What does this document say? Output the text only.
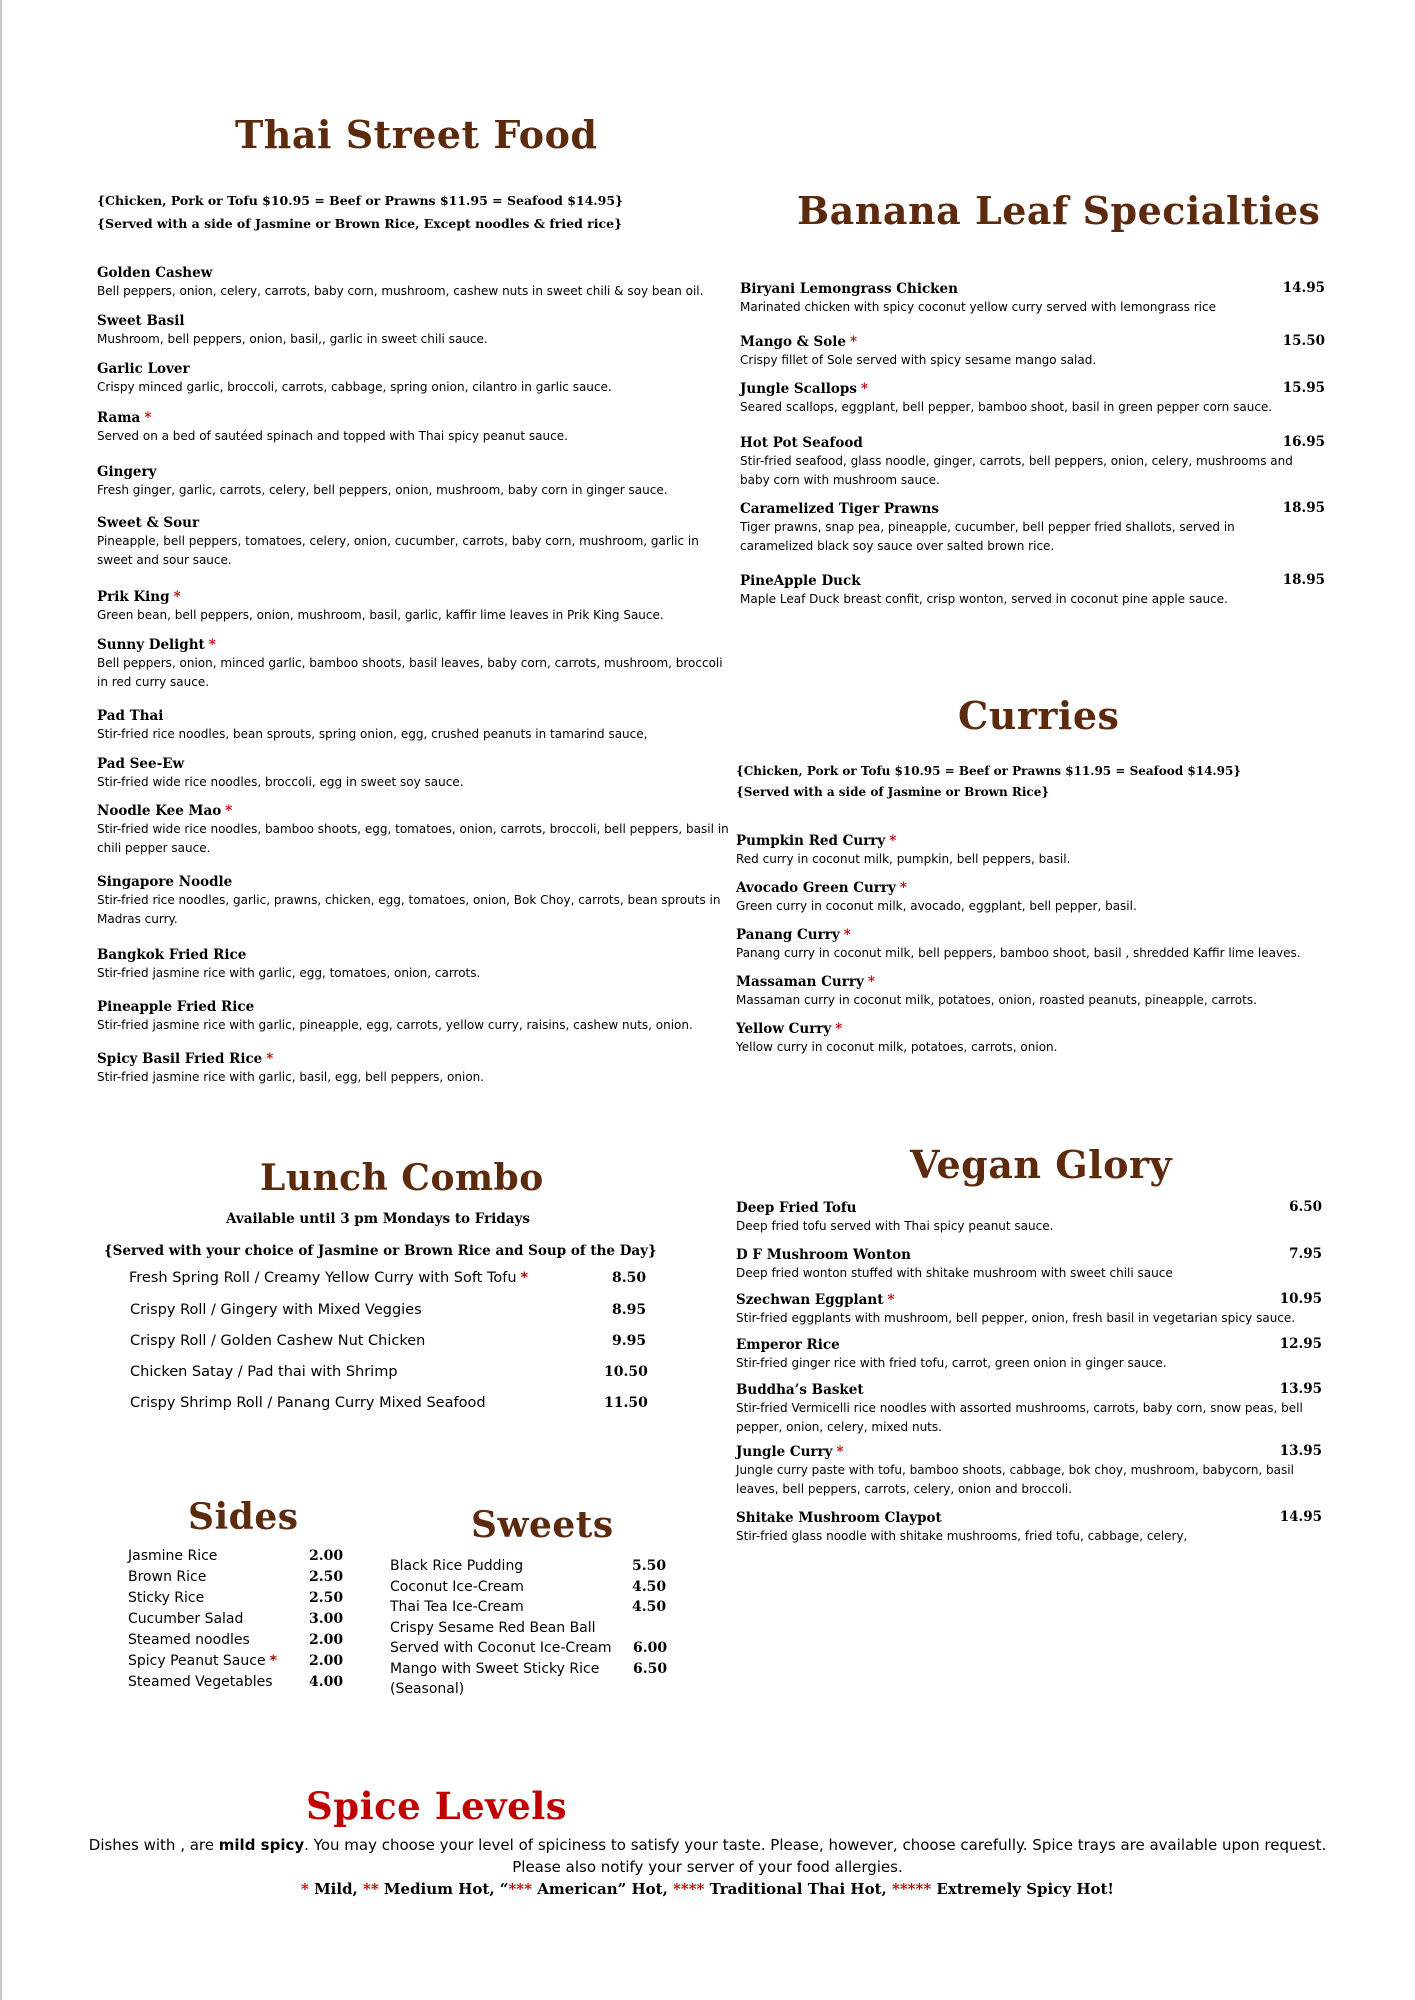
Thai Street Food
{Chicken, Pork or Tofu $10.95 = Beef or Prawns $11.95 = Seafood $14.95}
{Served with a side of Jasmine or Brown Rice, Except noodles & fried rice}
Golden Cashew
Bell peppers, onion, celery, carrots, baby corn, mushroom, cashew nuts in sweet chili & soy bean oil.
Sweet Basil
Mushroom, bell peppers, onion, basil,, garlic in sweet chili sauce.
Garlic Lover
Crispy minced garlic, broccoli, carrots, cabbage, spring onion, cilantro in garlic sauce.
Rama *
Served on a bed of sautéed spinach and topped with Thai spicy peanut sauce.
Gingery
Fresh ginger, garlic, carrots, celery, bell peppers, onion, mushroom, baby corn in ginger sauce.
Sweet & Sour
Pineapple, bell peppers, tomatoes, celery, onion, cucumber, carrots, baby corn, mushroom, garlic in sweet and sour sauce.
Prik King *
Green bean, bell peppers, onion, mushroom, basil, garlic, kaffir lime leaves in Prik King Sauce.
Sunny Delight *
Bell peppers, onion, minced garlic, bamboo shoots, basil leaves, baby corn, carrots, mushroom, broccoli in red curry sauce.
Pad Thai
Stir-fried rice noodles, bean sprouts, spring onion, egg, crushed peanuts in tamarind sauce,
Pad See-Ew
Stir-fried wide rice noodles, broccoli, egg in sweet soy sauce.
Noodle Kee Mao *
Stir-fried wide rice noodles, bamboo shoots, egg, tomatoes, onion, carrots, broccoli, bell peppers, basil in chili pepper sauce.
Singapore Noodle
Stir-fried rice noodles, garlic, prawns, chicken, egg, tomatoes, onion, Bok Choy, carrots, bean sprouts in Madras curry.
Bangkok Fried Rice
Stir-fried jasmine rice with garlic, egg, tomatoes, onion, carrots.
Pineapple Fried Rice
Stir-fried jasmine rice with garlic, pineapple, egg, carrots, yellow curry, raisins, cashew nuts, onion.
Spicy Basil Fried Rice *
Stir-fried jasmine rice with garlic, basil, egg, bell peppers, onion.
Banana Leaf Specialties
Biryani Lemongrass Chicken
Marinated chicken with spicy coconut yellow curry served with lemongrass rice
14.95
Mango & Sole *
Crispy fillet of Sole served with spicy sesame mango salad.
15.50
Jungle Scallops *
Seared scallops, eggplant, bell pepper, bamboo shoot, basil in green pepper corn sauce.
15.95
Hot Pot Seafood
Stir-fried seafood, glass noodle, ginger, carrots, bell peppers, onion, celery, mushrooms and baby corn with mushroom sauce.
16.95
Caramelized Tiger Prawns
Tiger prawns, snap pea, pineapple, cucumber, bell pepper fried shallots, served in caramelized black soy sauce over salted brown rice.
18.95
PineApple Duck
Maple Leaf Duck breast confit, crisp wonton, served in coconut pine apple sauce.
18.95
Curries
{Chicken, Pork or Tofu $10.95 = Beef or Prawns $11.95 = Seafood $14.95}
{Served with a side of Jasmine or Brown Rice}
Pumpkin Red Curry *
Red curry in coconut milk, pumpkin, bell peppers, basil.
Avocado Green Curry *
Green curry in coconut milk, avocado, eggplant, bell pepper, basil.
Panang Curry *
Panang curry in coconut milk, bell peppers, bamboo shoot, basil , shredded Kaffir lime leaves.
Massaman Curry *
Massaman curry in coconut milk, potatoes, onion, roasted peanuts, pineapple, carrots.
Yellow Curry *
Yellow curry in coconut milk, potatoes, carrots, onion.
Lunch Combo
Available until 3 pm Mondays to Fridays
{Served with your choice of Jasmine or Brown Rice and Soup of the Day}
Fresh Spring Roll / Creamy Yellow Curry with Soft Tofu *	8.50
Crispy Roll / Gingery with Mixed Veggies	8.95
Crispy Roll / Golden Cashew Nut Chicken	9.95
Chicken Satay / Pad thai with Shrimp	10.50
Crispy Shrimp Roll / Panang Curry Mixed Seafood	11.50
Vegan Glory
Deep Fried Tofu
Deep fried tofu served with Thai spicy peanut sauce.
6.50
D F Mushroom Wonton
Deep fried wonton stuffed with shitake mushroom with sweet chili sauce
7.95
Szechwan Eggplant *
Stir-fried eggplants with mushroom, bell pepper, onion, fresh basil in vegetarian spicy sauce.
10.95
Emperor Rice
Stir-fried ginger rice with fried tofu, carrot, green onion in ginger sauce.
12.95
Buddha’s Basket
Stir-fried Vermicelli rice noodles with assorted mushrooms, carrots, baby corn, snow peas, bell pepper, onion, celery, mixed nuts.
13.95
Jungle Curry *
Jungle curry paste with tofu, bamboo shoots, cabbage, bok choy, mushroom, babycorn, basil leaves, bell peppers, carrots, celery, onion and broccoli.
13.95
Shitake Mushroom Claypot
Stir-fried glass noodle with shitake mushrooms, fried tofu, cabbage, celery,
14.95
Sides
Jasmine Rice	2.00
Brown Rice	2.50
Sticky Rice	2.50
Cucumber Salad	3.00
Steamed noodles	2.00
Spicy Peanut Sauce * 2.00
Steamed Vegetables	4.00
Sweets
Black Rice Pudding	5.50
Coconut Ice-Cream	4.50
Thai Tea Ice-Cream	4.50
Crispy Sesame Red Bean Ball
Served with Coconut Ice-Cream 6.00
Mango with Sweet Sticky Rice 6.50
(Seasonal)
Spice Levels
Dishes with , are mild spicy. You may choose your level of spiciness to satisfy your taste. Please, however, choose carefully. Spice trays are available upon request.
Please also notify your server of your food allergies.
* Mild, ** Medium Hot, “*** American” Hot, **** Traditional Thai Hot, ***** Extremely Spicy Hot!
